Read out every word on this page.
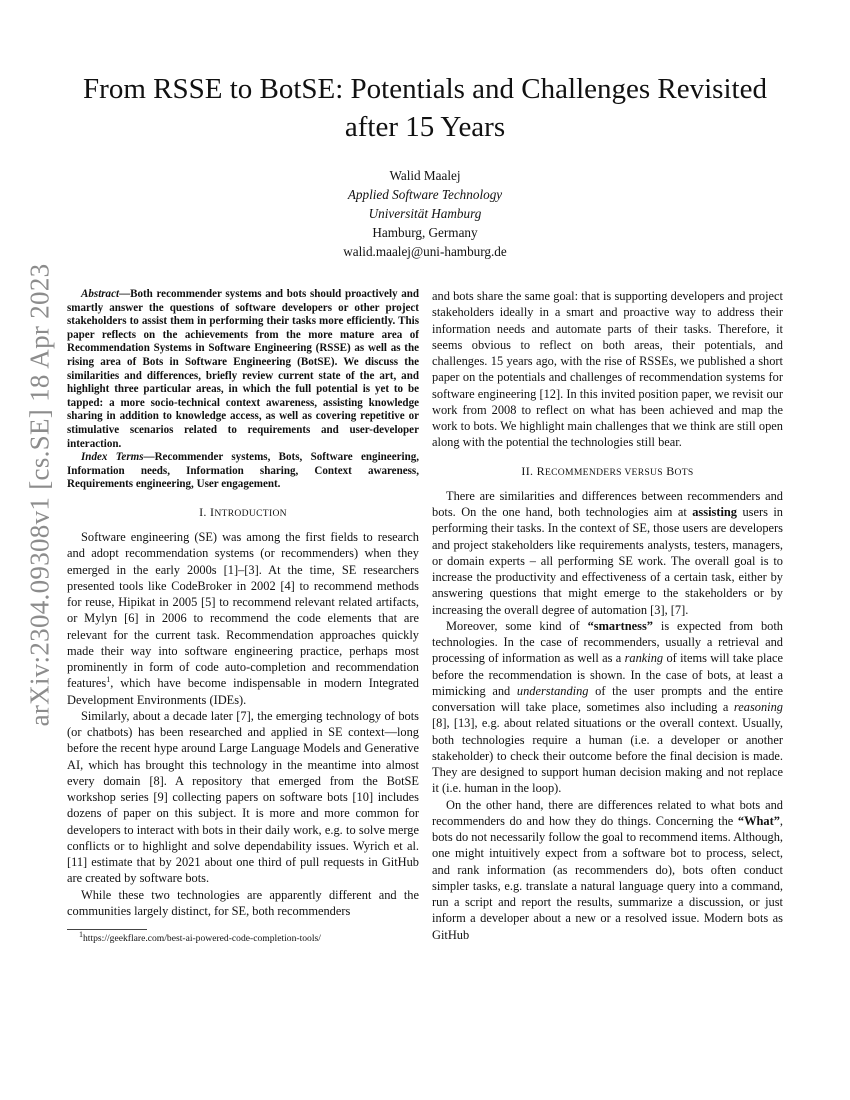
arXiv:2304.09308v1 [cs.SE] 18 Apr 2023
From RSSE to BotSE: Potentials and Challenges Revisited after 15 Years
Walid Maalej
Applied Software Technology
Universität Hamburg
Hamburg, Germany
walid.maalej@uni-hamburg.de

Abstract—Both recommender systems and bots should proactively and smartly answer the questions of software developers or other project stakeholders to assist them in performing their tasks more efficiently. This paper reflects on the achievements from the more mature area of Recommendation Systems in Software Engineering (RSSE) as well as the rising area of Bots in Software Engineering (BotSE). We discuss the similarities and differences, briefly review current state of the art, and highlight three particular areas, in which the full potential is yet to be tapped: a more socio-technical context awareness, assisting knowledge sharing in addition to knowledge access, as well as covering repetitive or stimulative scenarios related to requirements and user-developer interaction.

Index Terms—Recommender systems, Bots, Software engineering, Information needs, Information sharing, Context awareness, Requirements engineering, User engagement.

I. INTRODUCTION

Software engineering (SE) was among the first fields to research and adopt recommendation systems (or recommenders) when they emerged in the early 2000s [1]–[3]. At the time, SE researchers presented tools like CodeBroker in 2002 [4] to recommend methods for reuse, Hipikat in 2005 [5] to recommend relevant related artifacts, or Mylyn [6] in 2006 to recommend the code elements that are relevant for the current task. Recommendation approaches quickly made their way into software engineering practice, perhaps most prominently in form of code auto-completion and recommendation features$^1$, which have become indispensable in modern Integrated Development Environments (IDEs).

Similarly, about a decade later [7], the emerging technology of bots (or chatbots) has been researched and applied in SE context—long before the recent hype around Large Language Models and Generative AI, which has brought this technology in the meantime into almost every domain [8]. A repository that emerged from the BotSE workshop series [9] collecting papers on software bots [10] includes dozens of paper on this subject. It is more and more common for developers to interact with bots in their daily work, e.g. to solve merge conflicts or to highlight and solve dependability issues. Wyrich et al. [11] estimate that by 2021 about one third of pull requests in GitHub are created by software bots.

While these two technologies are apparently different and the communities largely distinct, for SE, both recommenders

$^1$https://geekflare.com/best-ai-powered-code-completion-tools/

and bots share the same goal: that is supporting developers and project stakeholders ideally in a smart and proactive way to address their information needs and automate parts of their tasks. Therefore, it seems obvious to reflect on both areas, their potentials, and challenges. 15 years ago, with the rise of RSSEs, we published a short paper on the potentials and challenges of recommendation systems for software engineering [12]. In this invited position paper, we revisit our work from 2008 to reflect on what has been achieved and map the work to bots. We highlight main challenges that we think are still open along with the potential the technologies still bear.

II. RECOMMENDERS VERSUS BOTS

There are similarities and differences between recommenders and bots. On the one hand, both technologies aim at assisting users in performing their tasks. In the context of SE, those users are developers and project stakeholders like requirements analysts, testers, managers, or domain experts – all performing SE work. The overall goal is to increase the productivity and effectiveness of a certain task, either by answering questions that might emerge to the stakeholders or by increasing the overall degree of automation [3], [7].

Moreover, some kind of “smartness” is expected from both technologies. In the case of recommenders, usually a retrieval and processing of information as well as a ranking of items will take place before the recommendation is shown. In the case of bots, at least a mimicking and understanding of the user prompts and the entire conversation will take place, sometimes also including a reasoning [8], [13], e.g. about related situations or the overall context. Usually, both technologies require a human (i.e. a developer or another stakeholder) to check their outcome before the final decision is made. They are designed to support human decision making and not replace it (i.e. human in the loop).

On the other hand, there are differences related to what bots and recommenders do and how they do things. Concerning the “What”, bots do not necessarily follow the goal to recommend items. Although, one might intuitively expect from a software bot to process, select, and rank information (as recommenders do), bots often conduct simpler tasks, e.g. translate a natural language query into a command, run a script and report the results, summarize a discussion, or just inform a developer about a new or a resolved issue. Modern bots as GitHub
